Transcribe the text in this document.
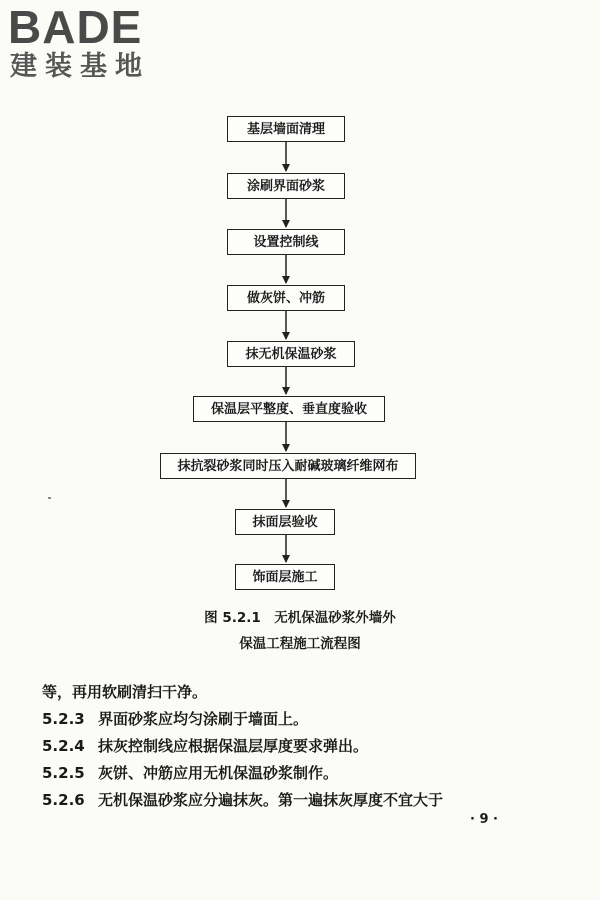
BADE
建装基地
基层墙面清理
涂刷界面砂浆
设置控制线
做灰饼、冲筋
抹无机保温砂浆
保温层平整度、垂直度验收
抹抗裂砂浆同时压入耐碱玻璃纤维网布
抹面层验收
饰面层施工
图 5.2.1　无机保温砂浆外墙外
保温工程施工流程图
等，再用软刷清扫干净。
5.2.3 界面砂浆应均匀涂刷于墙面上。
5.2.4 抹灰控制线应根据保温层厚度要求弹出。
5.2.5 灰饼、冲筋应用无机保温砂浆制作。
5.2.6 无机保温砂浆应分遍抹灰。第一遍抹灰厚度不宜大于
· 9 ·
